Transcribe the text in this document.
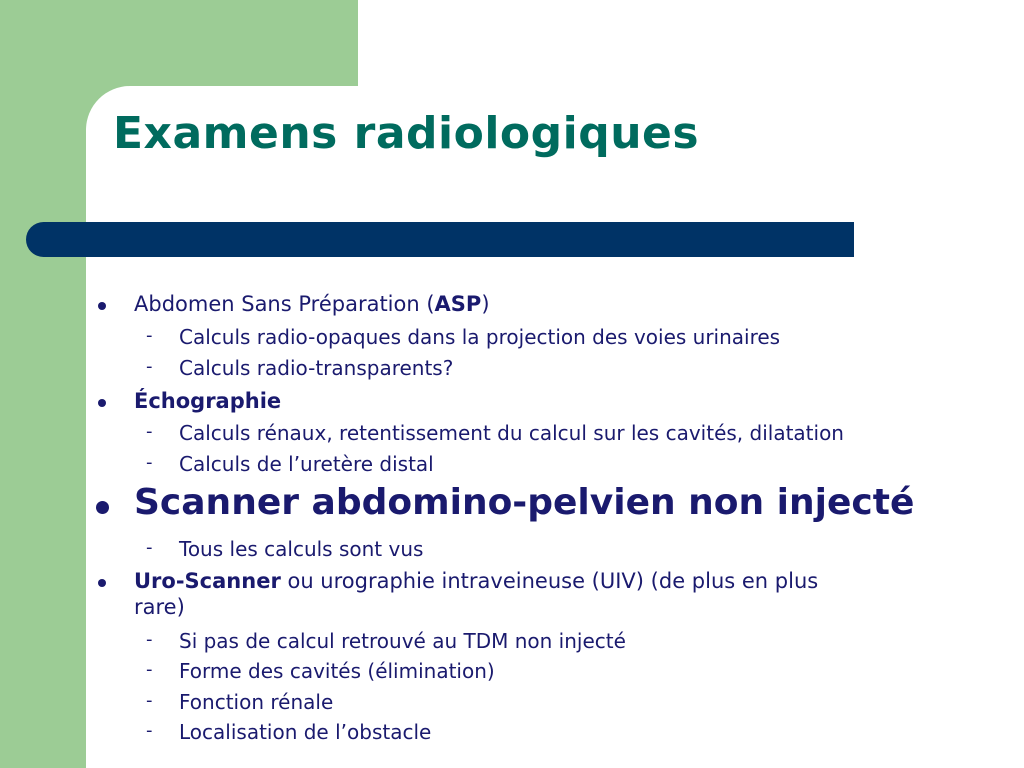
Examens radiologiques
Abdomen Sans Préparation (ASP)
- Calculs radio-opaques dans la projection des voies urinaires
- Calculs radio-transparents?
Échographie
- Calculs rénaux, retentissement du calcul sur les cavités, dilatation
- Calculs de l’uretère distal
Scanner abdomino-pelvien non injecté
- Tous les calculs sont vus
Uro-Scanner ou urographie intraveineuse (UIV) (de plus en plus
rare)
- Si pas de calcul retrouvé au TDM non injecté
- Forme des cavités (élimination)
- Fonction rénale
- Localisation de l’obstacle
